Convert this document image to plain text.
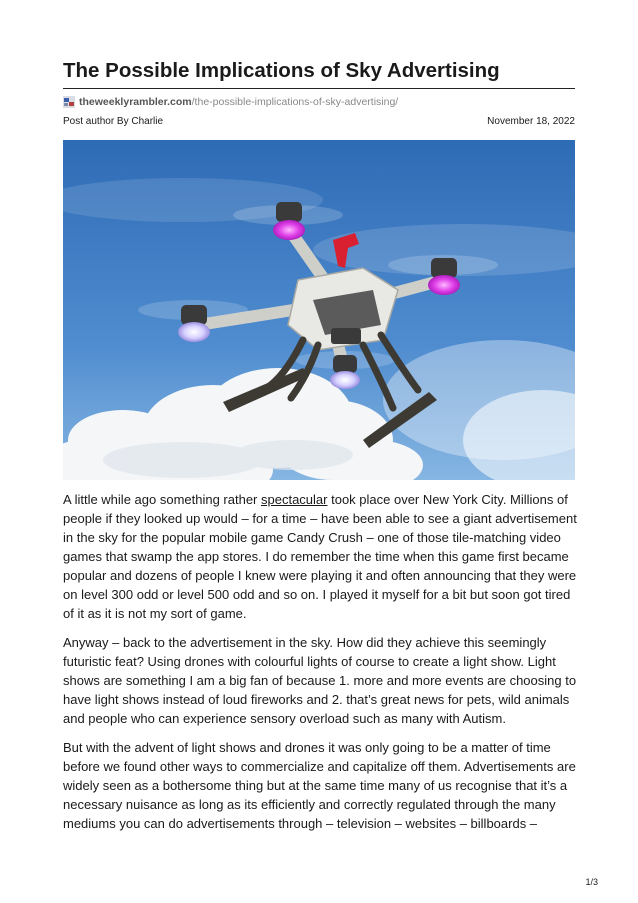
The Possible Implications of Sky Advertising
theweeklyrambler.com /the-possible-implications-of-sky-advertising/
Post author By Charlie	November 18, 2022

A little while ago something rather spectacular took place over New York City. Millions of people if they looked up would – for a time – have been able to see a giant advertisement in the sky for the popular mobile game Candy Crush – one of those tile-matching video games that swamp the app stores. I do remember the time when this game first became popular and dozens of people I knew were playing it and often announcing that they were on level 300 odd or level 500 odd and so on. I played it myself for a bit but soon got tired of it as it is not my sort of game.

Anyway – back to the advertisement in the sky. How did they achieve this seemingly futuristic feat? Using drones with colourful lights of course to create a light show. Light shows are something I am a big fan of because 1. more and more events are choosing to have light shows instead of loud fireworks and 2. that’s great news for pets, wild animals and people who can experience sensory overload such as many with Autism.

But with the advent of light shows and drones it was only going to be a matter of time before we found other ways to commercialize and capitalize off them. Advertisements are widely seen as a bothersome thing but at the same time many of us recognise that it’s a necessary nuisance as long as its efficiently and correctly regulated through the many mediums you can do advertisements through – television – websites – billboards –

1/3
